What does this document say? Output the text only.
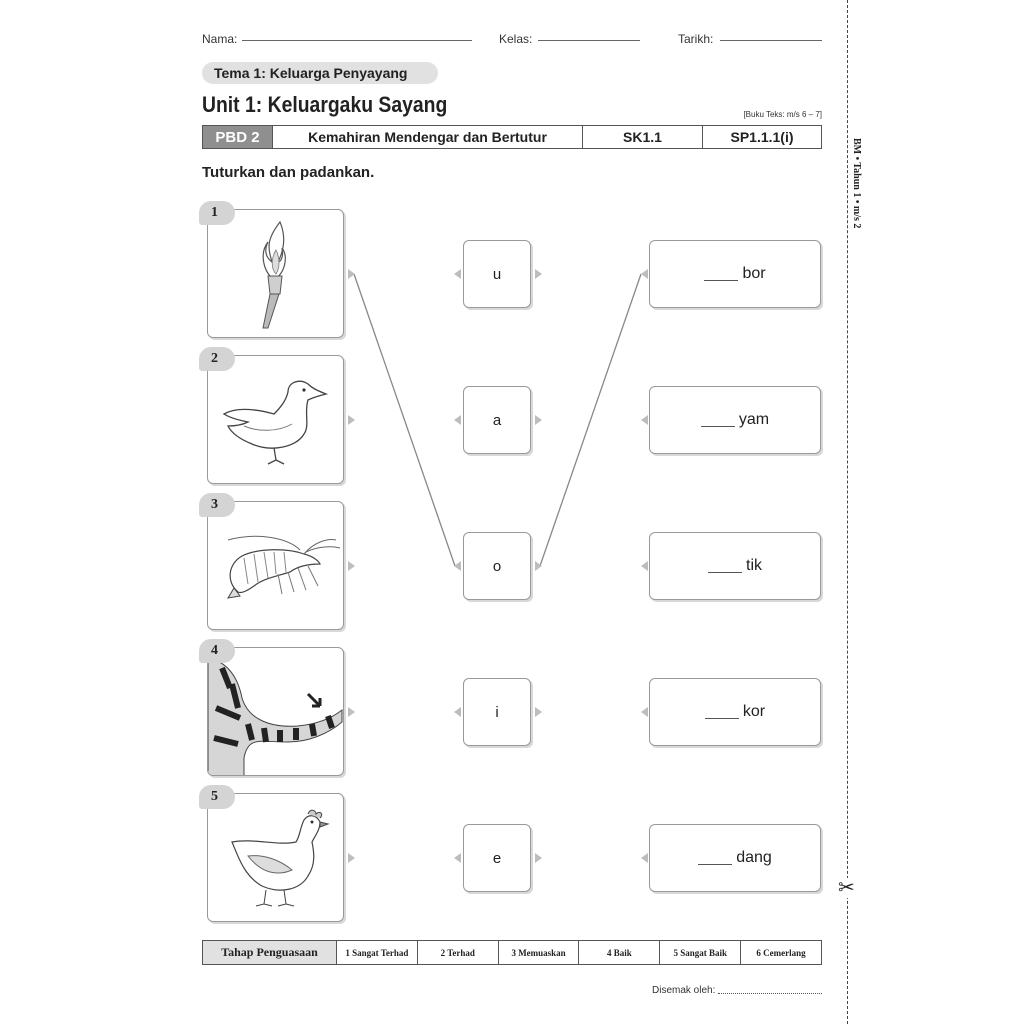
Nama:	Kelas:	Tarikh:
Tema 1: Keluarga Penyayang
Unit 1: Keluargaku Sayang	[Buku Teks: m/s 6 – 7]
PBD 2	Kemahiran Mendengar dan Bertutur	SK1.1	SP1.1.1(i)
Tuturkan dan padankan.	BM • Tahun 1 • m/s 2
✂
1
u	bor
2
a	yam
3
o	tik
4
i	kor
5
e	dang
Tahap Penguasaan	1 Sangat Terhad	2 Terhad	3 Memuaskan	4 Baik	5 Sangat Baik	6 Cemerlang
Disemak oleh:
